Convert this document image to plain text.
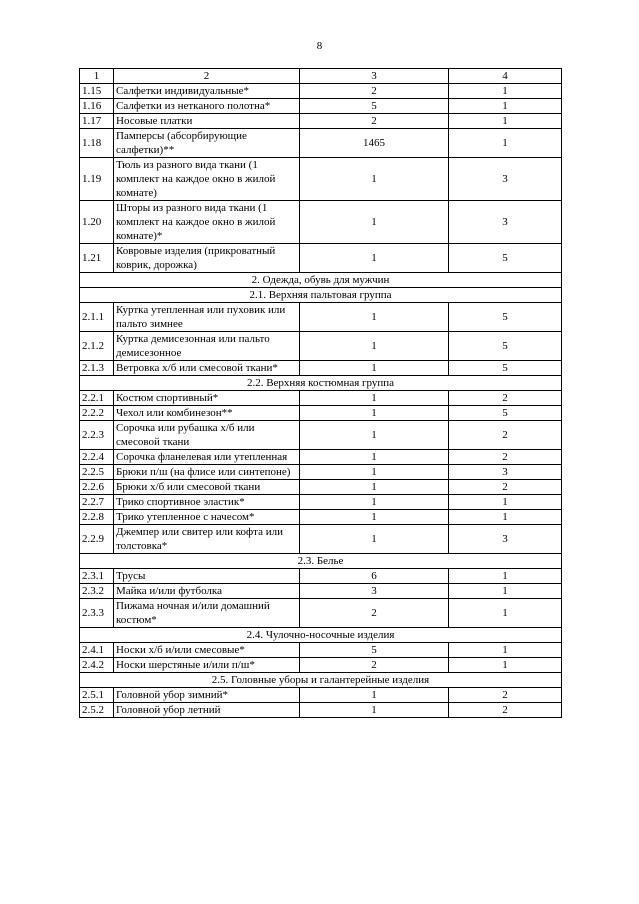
8
1	2	3	4
1.15	Салфетки индивидуальные*	2	1
1.16	Салфетки из нетканого полотна*	5	1
1.17	Носовые платки	2	1
1.18	Памперсы (абсорбирующие салфетки)**	1465	1
1.19	Тюль из разного вида ткани (1 комплект на каждое окно в жилой комнате)	1	3
1.20	Шторы из разного вида ткани (1 комплект на каждое окно в жилой комнате)*	1	3
1.21	Ковровые изделия (прикроватный коврик, дорожка)	1	5
2. Одежда, обувь для мужчин			
2.1. Верхняя пальтовая группа			
2.1.1	Куртка утепленная или пуховик или пальто зимнее	1	5
2.1.2	Куртка демисезонная или пальто демисезонное	1	5
2.1.3	Ветровка х/б или смесовой ткани*	1	5
2.2. Верхняя костюмная группа			
2.2.1	Костюм спортивный*	1	2
2.2.2	Чехол или комбинезон**	1	5
2.2.3	Сорочка или рубашка х/б или смесовой ткани	1	2
2.2.4	Сорочка фланелевая или утепленная	1	2
2.2.5	Брюки п/ш (на флисе или синтепоне)	1	3
2.2.6	Брюки х/б или смесовой ткани	1	2
2.2.7	Трико спортивное эластик*	1	1
2.2.8	Трико утепленное с начесом*	1	1
2.2.9	Джемпер или свитер или кофта или толстовка*	1	3
2.3. Белье			
2.3.1	Трусы	6	1
2.3.2	Майка и/или футболка	3	1
2.3.3	Пижама ночная и/или домашний костюм*	2	1
2.4. Чулочно-носочные изделия			
2.4.1	Носки х/б и/или смесовые*	5	1
2.4.2	Носки шерстяные и/или п/ш*	2	1
2.5. Головные уборы и галантерейные изделия			
2.5.1	Головной убор зимний*	1	2
2.5.2	Головной убор летний	1	2
